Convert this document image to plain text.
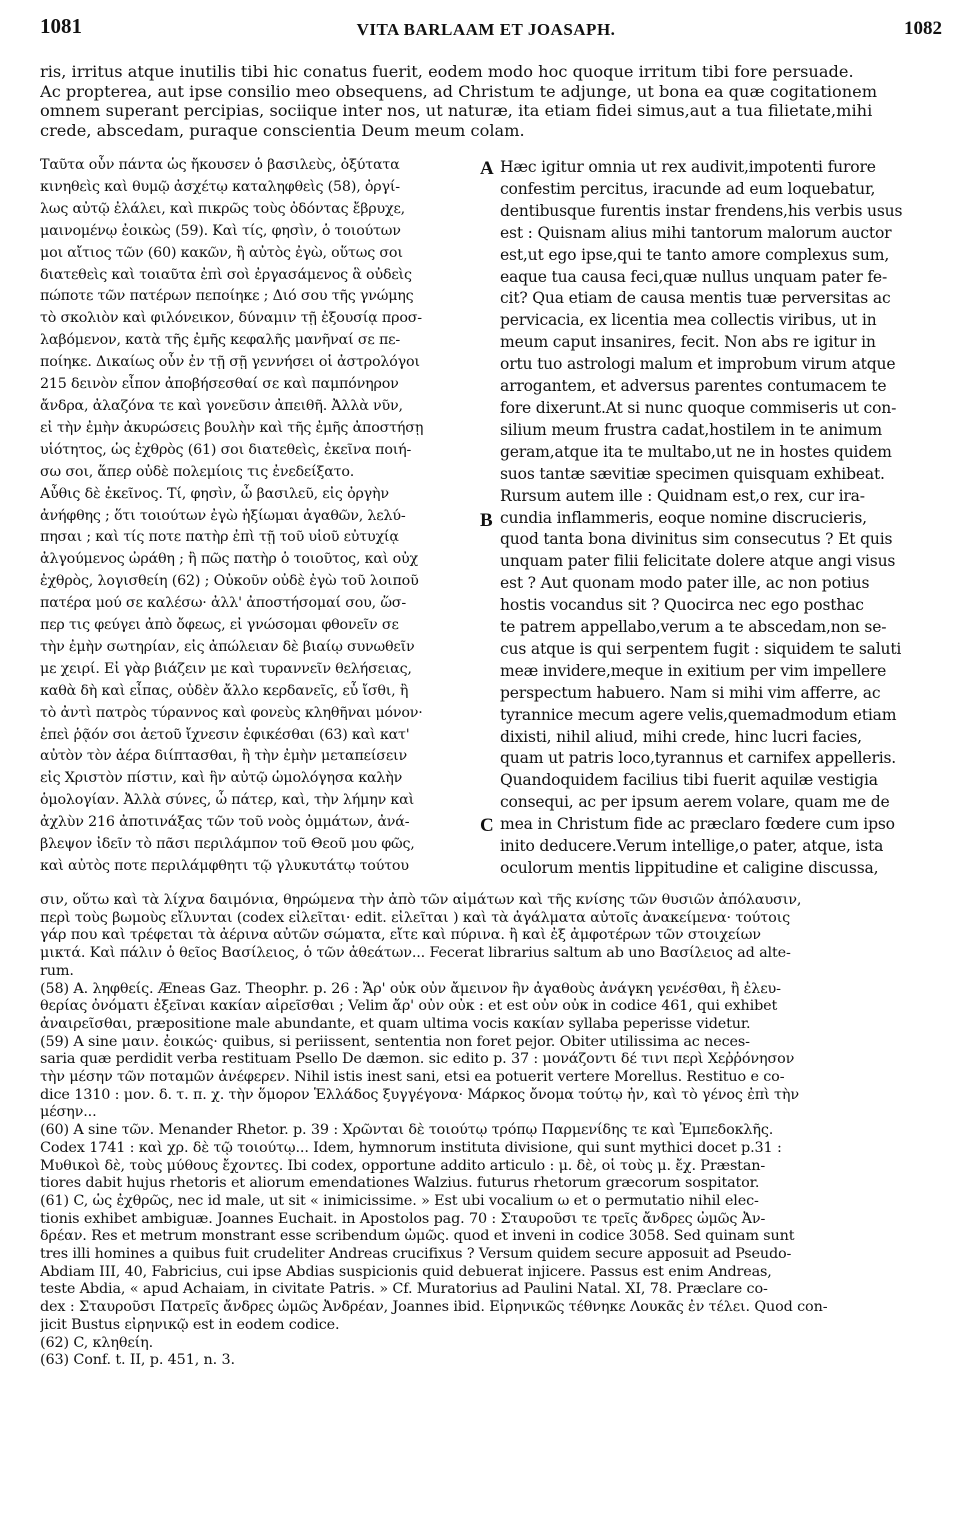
1081	VITA BARLAAM ET JOASAPH.	1082
ris, irritus atque inutilis tibi hic conatus fuerit, eodem modo hoc quoque irritum tibi fore persuade.
Ac propterea, aut ipse consilio meo obsequens, ad Christum te adjunge, ut bona ea quæ cogitationem
omnem superant percipias, sociique inter nos, ut naturæ, ita etiam fidei simus,aut a tua filietate,mihi
crede, abscedam, puraque conscientia Deum meum colam.
Ταῦτα οὖν πάντα ὡς ἤκουσεν ὁ βασιλεὺς, ὀξύτατα
κινηθεὶς καὶ θυμῷ ἀσχέτῳ καταληφθεὶς (58), ὀργί-
λως αὐτῷ ἐλάλει, καὶ πικρῶς τοὺς ὀδόντας ἔβρυχε,
μαινομένῳ ἐοικὼς (59). Καὶ τίς, φησὶν, ὁ τοιούτων
μοι αἴτιος τῶν (60) κακῶν, ἢ αὐτὸς ἐγὼ, οὕτως σοι
διατεθεὶς καὶ τοιαῦτα ἐπὶ σοὶ ἐργασάμενος ἃ οὐδεὶς
πώποτε τῶν πατέρων πεποίηκε ; Διό σου τῆς γνώμης
τὸ σκολιὸν καὶ φιλόνεικον, δύναμιν τῇ ἐξουσίᾳ προσ-
λαβόμενον, κατὰ τῆς ἐμῆς κεφαλῆς μανῆναί σε πε-
ποίηκε. Δικαίως οὖν ἐν τῇ σῇ γεννήσει οἱ ἀστρολόγοι
215 δεινὸν εἶπον ἀποβήσεσθαί σε καὶ παμπόνηρον
ἄνδρα, ἀλαζόνα τε καὶ γονεῦσιν ἀπειθῆ. Ἀλλὰ νῦν,
εἰ τὴν ἐμὴν ἀκυρώσεις βουλὴν καὶ τῆς ἐμῆς ἀποστήσῃ
υἱότητος, ὡς ἐχθρὸς (61) σοι διατεθεὶς, ἐκεῖνα ποιή-
σω σοι, ἅπερ οὐδὲ πολεμίοις τις ἐνεδείξατο.
Αὖθις δὲ ἐκεῖνος. Τί, φησὶν, ὦ βασιλεῦ, εἰς ὀργὴν
ἀνήφθης ; ὅτι τοιούτων ἐγὼ ἠξίωμαι ἀγαθῶν, λελύ-
πησαι ; καὶ τίς ποτε πατὴρ ἐπὶ τῇ τοῦ υἱοῦ εὐτυχίᾳ
ἀλγούμενος ὠράθη ; ἢ πῶς πατὴρ ὁ τοιοῦτος, καὶ οὐχ
ἐχθρὸς, λογισθείη (62) ; Οὐκοῦν οὐδὲ ἐγὼ τοῦ λοιποῦ
πατέρα μού σε καλέσω· ἀλλ' ἀποστήσομαί σου, ὥσ-
περ τις φεύγει ἀπὸ ὄφεως, εἰ γνώσομαι φθονεῖν σε
τὴν ἐμὴν σωτηρίαν, εἰς ἀπώλειαν δὲ βιαίῳ συνωθεῖν
με χειρί. Εἰ γὰρ βιάζειν με καὶ τυραννεῖν θελήσειας,
καθὰ δὴ καὶ εἶπας, οὐδὲν ἄλλο κερδανεῖς, εὖ ἴσθι, ἢ
τὸ ἀντὶ πατρὸς τύραννος καὶ φονεὺς κληθῆναι μόνον·
ἐπεὶ ῥᾷόν σοι ἀετοῦ ἴχνεσιν ἐφικέσθαι (63) καὶ κατ'
αὐτὸν τὸν ἀέρα διίπτασθαι, ἢ τὴν ἐμὴν μεταπείσειν
εἰς Χριστὸν πίστιν, καὶ ἣν αὐτῷ ὡμολόγησα καλὴν
ὁμολογίαν. Ἀλλὰ σύνες, ὦ πάτερ, καὶ, τὴν λήμην καὶ
ἀχλὺν 216 ἀποτινάξας τῶν τοῦ νοὸς ὀμμάτων, ἀνά-
βλεψον ἰδεῖν τὸ πᾶσι περιλάμπον τοῦ Θεοῦ μου φῶς,
καὶ αὐτὸς ποτε περιλάμφθητι τῷ γλυκυτάτῳ τούτου
Hæc igitur omnia ut rex audivit,impotenti furore
confestim percitus, iracunde ad eum loquebatur,
dentibusque furentis instar frendens,his verbis usus
est : Quisnam alius mihi tantorum malorum auctor
est,ut ego ipse,qui te tanto amore complexus sum,
eaque tua causa feci,quæ nullus unquam pater fe-
cit? Qua etiam de causa mentis tuæ perversitas ac
pervicacia, ex licentia mea collectis viribus, ut in
meum caput insanires, fecit. Non abs re igitur in
ortu tuo astrologi malum et improbum virum atque
arrogantem, et adversus parentes contumacem te
fore dixerunt.At si nunc quoque commiseris ut con-
silium meum frustra cadat,hostilem in te animum
geram,atque ita te multabo,ut ne in hostes quidem
suos tantæ sævitiæ specimen quisquam exhibeat.
Rursum autem ille : Quidnam est,o rex, cur ira-
cundia inflammeris, eoque nomine discrucieris,
quod tanta bona divinitus sim consecutus ? Et quis
unquam pater filii felicitate dolere atque angi visus
est ? Aut quonam modo pater ille, ac non potius
hostis vocandus sit ? Quocirca nec ego posthac
te patrem appellabo,verum a te abscedam,non se-
cus atque is qui serpentem fugit : siquidem te saluti
meæ invidere,meque in exitium per vim impellere
perspectum habuero. Nam si mihi vim afferre, ac
tyrannice mecum agere velis,quemadmodum etiam
dixisti, nihil aliud, mihi crede, hinc lucri facies,
quam ut patris loco,tyrannus et carnifex appelleris.
Quandoquidem facilius tibi fuerit aquilæ vestigia
consequi, ac per ipsum aerem volare, quam me de
mea in Christum fide ac præclaro fœdere cum ipso
inito deducere.Verum intellige,o pater, atque, ista
oculorum mentis lippitudine et caligine discussa,
A
B
C
σιν, οὕτω καὶ τὰ λίχνα δαιμόνια, θηρώμενα τὴν ἀπὸ τῶν αἱμάτων καὶ τῆς κνίσης τῶν θυσιῶν ἀπόλαυσιν,
περὶ τοὺς βωμοὺς εἴλυνται (codex εἰλεῖται· edit. εἰλεῖται ) καὶ τὰ ἀγάλματα αὐτοῖς ἀνακείμενα· τούτοις
γάρ που καὶ τρέφεται τὰ ἀέρινα αὐτῶν σώματα, εἴτε καὶ πύρινα. ἢ καὶ ἐξ ἀμφοτέρων τῶν στοιχείων
μικτά. Καὶ πάλιν ὁ θεῖος Βασίλειος, ὁ τῶν ἀθεάτων... Fecerat librarius saltum ab uno Βασίλειος ad alte-
rum.
(58) A. ληφθείς. Æneas Gaz. Theophr. p. 26 : Ἄρ' οὐκ οὖν ἄμεινον ἢν ἀγαθοὺς ἀνάγκη γενέσθαι, ἢ ἐλευ-
θερίας ὀνόματι ἐξεῖναι κακίαν αἱρεῖσθαι ; Velim ἄρ' οὖν οὐκ : et est οὖν οὐκ in codice 461, qui exhibet
ἀναιρεῖσθαι, præpositione male abundante, et quam ultima vocis κακίαν syllaba peperisse videtur.
(59) A sine μαιν. ἐοικώς· quibus, si periissent, sententia non foret pejor. Obiter utilissima ac neces-
saria quæ perdidit verba restituam Psello De dæmon. sic edito p. 37 : μονάζοντι δέ τινι περὶ Χεῤῥόνησον
τὴν μέσην τῶν ποταμῶν ἀνέφερεν. Nihil istis inest sani, etsi ea potuerit vertere Morellus. Restituo e co-
dice 1310 : μον. δ. τ. π. χ. τὴν ὅμορον Ἑλλάδος ξυγγέγονα· Μάρκος ὄνομα τούτῳ ἦν, καὶ τὸ γένος ἐπὶ τὴν
μέσην...
(60) A sine τῶν. Menander Rhetor. p. 39 : Χρῶνται δὲ τοιούτῳ τρόπῳ Παρμενίδης τε καὶ Ἐμπεδοκλῆς.
Codex 1741 : καὶ χρ. δὲ τῷ τοιούτῳ... Idem, hymnorum instituta divisione, qui sunt mythici docet p.31 :
Μυθικοὶ δὲ, τοὺς μύθους ἔχοντες. Ibi codex, opportune addito articulo : μ. δὲ, οἱ τοὺς μ. ἔχ. Præstan-
tiores dabit hujus rhetoris et aliorum emendationes Walzius. futurus rhetorum græcorum sospitator.
(61) C, ὡς ἐχθρῶς, nec id male, ut sit « inimicissime. » Est ubi vocalium ω et ο permutatio nihil elec-
tionis exhibet ambiguæ. Joannes Euchait. in Apostolos pag. 70 : Σταυροῦσι τε τρεῖς ἄνδρες ὠμῶς Ἀν-
δρέαν. Res et metrum monstrant esse scribendum ὠμῶς. quod et inveni in codice 3058. Sed quinam sunt
tres illi homines a quibus fuit crudeliter Andreas crucifixus ? Versum quidem secure apposuit ad Pseudo-
Abdiam III, 40, Fabricius, cui ipse Abdias suspicionis quid debuerat injicere. Passus est enim Andreas,
teste Abdia, « apud Achaiam, in civitate Patris. » Cf. Muratorius ad Paulini Natal. XI, 78. Præclare co-
dex : Σταυροῦσι Πατρεῖς ἄνδρες ὠμῶς Ἀνδρέαν, Joannes ibid. Εἰρηνικῶς τέθνηκε Λουκᾶς ἐν τέλει. Quod con-
jicit Bustus εἰρηνικῷ est in eodem codice.
(62) C, κληθείη.
(63) Conf. t. II, p. 451, n. 3.
